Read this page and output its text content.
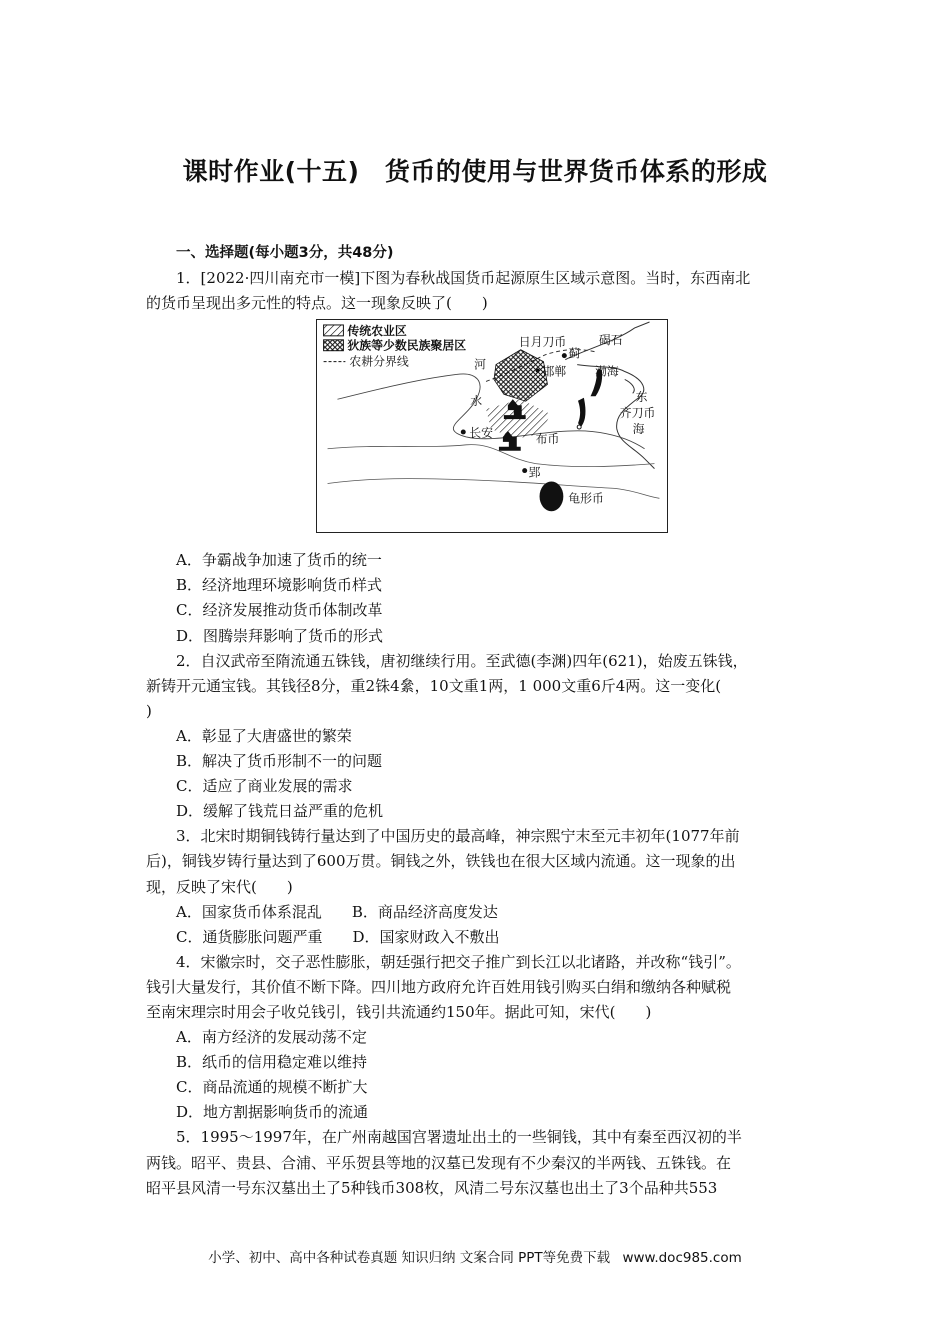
课时作业(十五)　货币的使用与世界货币体系的形成

一、选择题(每小题3分，共48分)

1．[2022·四川南充市一模]下图为春秋战国货币起源原生区域示意图。当时，东西南北

的货币呈现出多元性的特点。这一现象反映了(　　)

传统农业区
狄族等少数民族聚居区
农耕分界线
日月刀币	碣石
蓟
邯郸 渤海
河
水	东
齐刀币
海
长安	布币
郢
龟形币

A．争霸战争加速了货币的统一

B．经济地理环境影响货币样式

C．经济发展推动货币体制改革

D．图腾崇拜影响了货币的形式

2．自汉武帝至隋流通五铢钱，唐初继续行用。至武德(李渊)四年(621)，始废五铢钱，

新铸开元通宝钱。其钱径8分，重2铢4絫，10文重1两，1 000文重6斤4两。这一变化(

)

A．彰显了大唐盛世的繁荣

B．解决了货币形制不一的问题

C．适应了商业发展的需求

D．缓解了钱荒日益严重的危机

3．北宋时期铜钱铸行量达到了中国历史的最高峰，神宗熙宁末至元丰初年(1077年前

后)，铜钱岁铸行量达到了600万贯。铜钱之外，铁钱也在很大区域内流通。这一现象的出

现，反映了宋代(　　)

A．国家货币体系混乱　　B．商品经济高度发达

C．通货膨胀问题严重　　D．国家财政入不敷出

4．宋徽宗时，交子恶性膨胀，朝廷强行把交子推广到长江以北诸路，并改称“钱引”。

钱引大量发行，其价值不断下降。四川地方政府允许百姓用钱引购买白绢和缴纳各种赋税

至南宋理宗时用会子收兑钱引，钱引共流通约150年。据此可知，宋代(　　)

A．南方经济的发展动荡不定

B．纸币的信用稳定难以维持

C．商品流通的规模不断扩大

D．地方割据影响货币的流通

5．1995～1997年，在广州南越国宫署遗址出土的一些铜钱，其中有秦至西汉初的半

两钱。昭平、贵县、合浦、平乐贺县等地的汉墓已发现有不少秦汉的半两钱、五铢钱。在

昭平县风清一号东汉墓出土了5种钱币308枚，风清二号东汉墓也出土了3个品种共553

小学、初中、高中各种试卷真题 知识归纳 文案合同 PPT等免费下载 www.doc985.com
